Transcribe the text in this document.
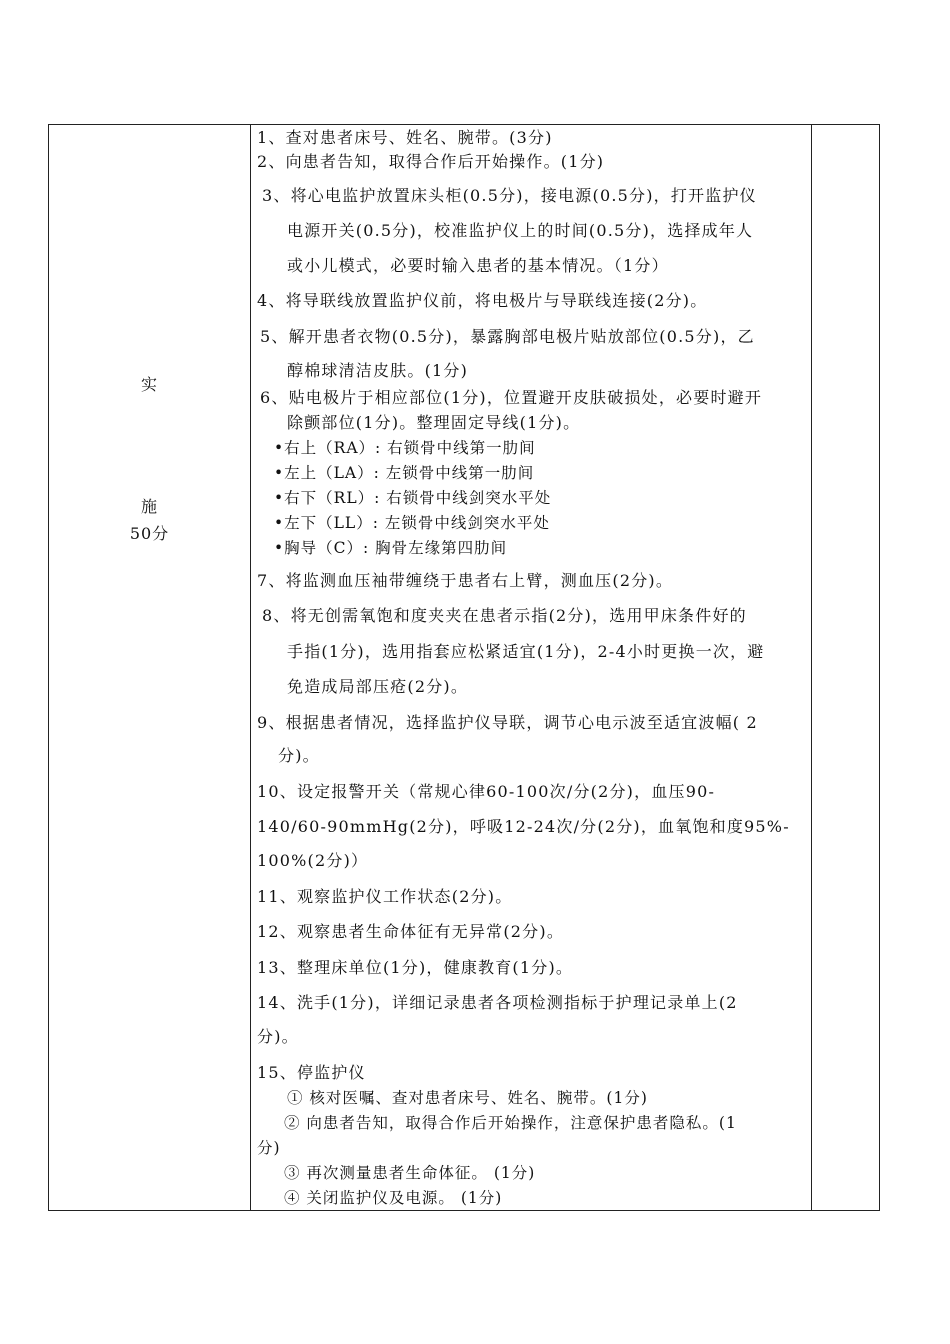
实
施
50分
1、查对患者床号、姓名、腕带。(3分)
2、向患者告知，取得合作后开始操作。(1分)
3、将心电监护放置床头柜(0.5分)，接电源(0.5分)，打开监护仪
电源开关(0.5分)，校准监护仪上的时间(0.5分)，选择成年人
或小儿模式，必要时输入患者的基本情况。（1分）
4、将导联线放置监护仪前，将电极片与导联线连接(2分)。
5、解开患者衣物(0.5分)，暴露胸部电极片贴放部位(0.5分)，乙
醇棉球清洁皮肤。(1分)
6、贴电极片于相应部位(1分)，位置避开皮肤破损处，必要时避开
除颤部位(1分)。整理固定导线(1分)。
•右上（RA）: 右锁骨中线第一肋间
•左上（LA）: 左锁骨中线第一肋间
•右下（RL）: 右锁骨中线剑突水平处
•左下（LL）: 左锁骨中线剑突水平处
•胸导（C）: 胸骨左缘第四肋间
7、将监测血压袖带缠绕于患者右上臂，测血压(2分)。
8、将无创需氧饱和度夹夹在患者示指(2分)，选用甲床条件好的
手指(1分)，选用指套应松紧适宜(1分)，2-4小时更换一次，避
免造成局部压疮(2分)。
9、根据患者情况，选择监护仪导联，调节心电示波至适宜波幅( 2
分)。
10、设定报警开关（常规心律60-100次/分(2分)，血压90-
140/60-90mmHg(2分)，呼吸12-24次/分(2分)，血氧饱和度95%-
100%(2分)）
11、观察监护仪工作状态(2分)。
12、观察患者生命体征有无异常(2分)。
13、整理床单位(1分)，健康教育(1分)。
14、洗手(1分)，详细记录患者各项检测指标于护理记录单上(2
分)。
15、停监护仪
① 核对医嘱、查对患者床号、姓名、腕带。(1分)
② 向患者告知，取得合作后开始操作，注意保护患者隐私。(1
分)
③ 再次测量患者生命体征。 (1分)
④ 关闭监护仪及电源。 (1分)
